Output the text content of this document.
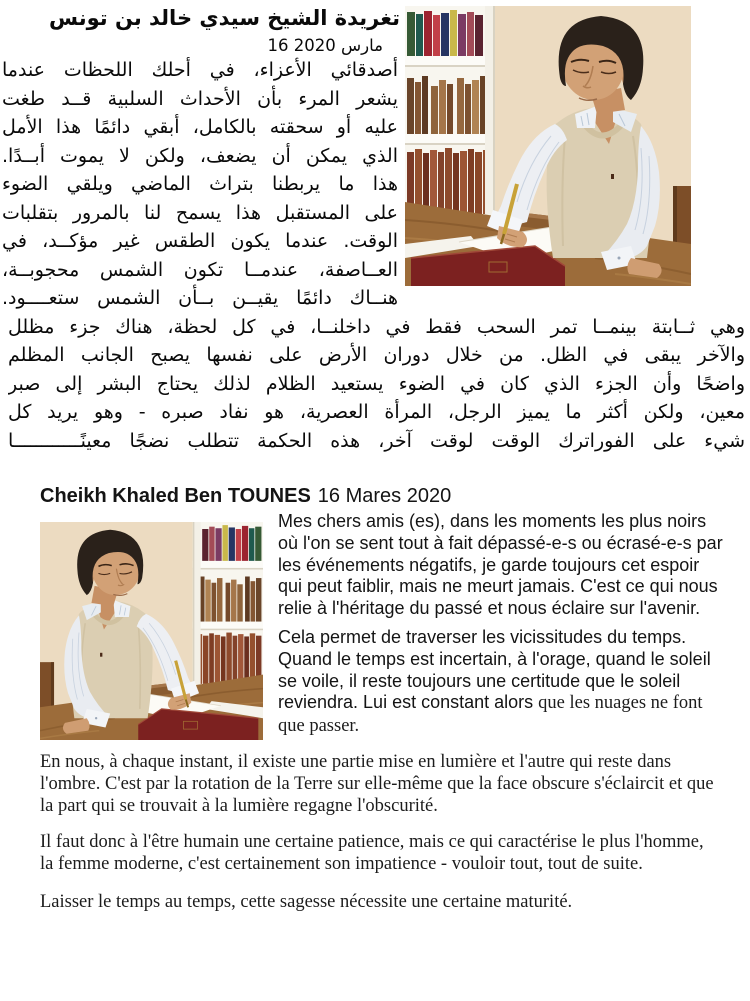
تغريدة الشيخ سيدي خالد بن تونس
16 مارس 2020
أصدقائي الأعزاء، في أحلك اللحظات عندما
يشعر المرء بأن الأحداث السلبية قــد طغت
عليه أو سحقته بالكامل، أبقي دائمًا هذا الأمل
الذي يمكن أن يضعف، ولكن لا يموت أبــدًا.
هذا ما يربطنا بتراث الماضي ويلقي الضوء
على المستقبل هذا يسمح لنا بالمرور بتقلبات
الوقت. عندما يكون الطقس غير مؤكــد، في
العــاصفة، عندمــا تكون الشمس محجوبــة،
هنــاك دائمًا يقيــن بــأن الشمس ستعــــود.
وهي ثــابتة بينمــا تمر السحب فقط في داخلنــا، في كل لحظة، هناك جزء مظلل
والآخر يبقى في الظل. من خلال دوران الأرض على نفسها يصبح الجانب المظلم
واضحًا وأن الجزء الذي كان في الضوء يستعيد الظلام لذلك يحتاج البشر إلى صبر
معين، ولكن أكثر ما يميز الرجل، المرأة العصرية، هو نفاد صبره - وهو يريد كل
شيء على الفوراترك الوقت لوقت آخر، هذه الحكمة تتطلب نضجًا معينًــــــــــــا
Cheikh Khaled Ben TOUNES 16 Mares 2020

Mes chers amis (es), dans les moments les plus noirs où l'on se sent tout à fait dépassé-e-s ou écrasé-e-s par les événements négatifs, je garde toujours cet espoir qui peut faiblir, mais ne meurt jamais. C'est ce qui nous relie à l'héritage du passé et nous éclaire sur l'avenir.

Cela permet de traverser les vicissitudes du temps. Quand le temps est incertain, à l'orage, quand le soleil se voile, il reste toujours une certitude que le soleil reviendra. Lui est constant alors que les nuages ne font que passer.

En nous, à chaque instant, il existe une partie mise en lumière et l'autre qui reste dans l'ombre. C'est par la rotation de la Terre sur elle-même que la face obscure s'éclaircit et que la part qui se trouvait à la lumière regagne l'obscurité.

Il faut donc à l'être humain une certaine patience, mais ce qui caractérise le plus l'homme, la femme moderne, c'est certainement son impatience - vouloir tout, tout de suite.

Laisser le temps au temps, cette sagesse nécessite une certaine maturité.
